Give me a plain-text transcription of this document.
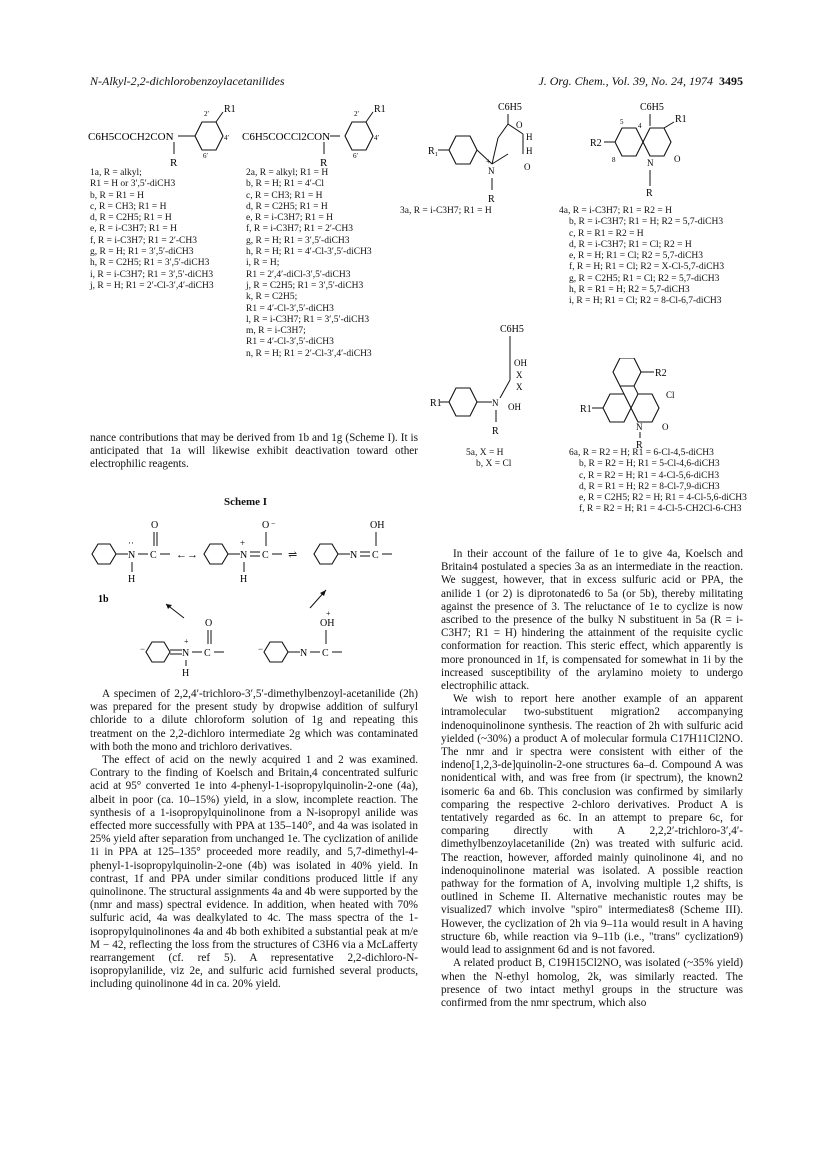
N-Alkyl-2,2-dichlorobenzoylacetanilides	J. Org. Chem., Vol. 39, No. 24, 1974 3495
C6H5COCH2CON
R1
2′
4′
6′
R
C6H5COCCl2CON
R1
2′
4′
6′
R
1a, R = alkyl;
R1 = H or 3′,5′-diCH3
b, R = R1 = H
c, R = CH3; R1 = H
d, R = C2H5; R1 = H
e, R = i-C3H7; R1 = H
f, R = i-C3H7; R1 = 2′-CH3
g, R = H; R1 = 3′,5′-diCH3
h, R = C2H5; R1 = 3′,5′-diCH3
i, R = i-C3H7; R1 = 3′,5′-diCH3
j, R = H; R1 = 2′-Cl-3′,4′-diCH3
2a, R = alkyl; R1 = H
b, R = H; R1 = 4′-Cl
c, R = CH3; R1 = H
d, R = C2H5; R1 = H
e, R = i-C3H7; R1 = H
f, R = i-C3H7; R1 = 2′-CH3
g, R = H; R1 = 3′,5′-diCH3
h, R = H; R1 = 4′-Cl-3′,5′-diCH3
i, R = H;
R1 = 2′,4′-diCl-3′,5′-diCH3
j, R = C2H5; R1 = 3′,5′-diCH3
k, R = C2H5;
R1 = 4′-Cl-3′,5′-diCH3
l, R = i-C3H7; R1 = 3′,5′-diCH3
m, R = i-C3H7;
R1 = 4′-Cl-3′,5′-diCH3
n, R = H; R1 = 2′-Cl-3′,4′-diCH3
C6H5
R₁
O
H
H
O
N
+
R
3a, R = i-C3H7; R1 = H
C6H5
R2
R1
O
N
4
5
8
R
4a, R = i-C3H7; R1 = R2 = H
b, R = i-C3H7; R1 = H; R2 = 5,7-diCH3
c, R = R1 = R2 = H
d, R = i-C3H7; R1 = Cl; R2 = H
e, R = H; R1 = Cl; R2 = 5,7-diCH3
f, R = H; R1 = Cl; R2 = X-Cl-5,7-diCH3
g, R = C2H5; R1 = Cl; R2 = 5,7-diCH3
h, R = R1 = H; R2 = 5,7-diCH3
i, R = H; R1 = Cl; R2 = 8-Cl-6,7-diCH3
C6H5
R1	N
OH
X
X
OH
R
5a, X = H
b, X = Cl
R2
R1
Cl
O
N
R
6a, R = R2 = H; R1 = 6-Cl-4,5-diCH3
b, R = R2 = H; R1 = 5-Cl-4,6-diCH3
c, R = R2 = H; R1 = 4-Cl-5,6-diCH3
d, R = R1 = H; R2 = 8-Cl-7,9-diCH3
e, R = C2H5; R2 = H; R1 = 4-Cl-5,6-diCH3
f, R = R2 = H; R1 = 4-Cl-5-CH2Cl-6-CH3

nance contributions that may be derived from 1b and 1g (Scheme I). It is anticipated that 1a will likewise exhibit deactivation toward other electrophilic reagents.

Scheme I
N
··
C
O
H
←→	N
+
C
O −
H
⇌	N C
OH
1b
−	N
+
C
O
H
−	N C
OH
+

A specimen of 2,2,4′-trichloro-3′,5′-dimethylbenzoyl-acetanilide (2h) was prepared for the present study by dropwise addition of sulfuryl chloride to a dilute chloroform solution of 1g and repeating this treatment on the 2,2-dichloro intermediate 2g which was contaminated with both the mono and trichloro derivatives.

The effect of acid on the newly acquired 1 and 2 was examined. Contrary to the finding of Koelsch and Britain,4 concentrated sulfuric acid at 95° converted 1e into 4-phenyl-1-isopropylquinolin-2-one (4a), albeit in poor (ca. 10–15%) yield, in a slow, incomplete reaction. The synthesis of a 1-isopropylquinolinone from a N-isopropyl anilide was effected more successfully with PPA at 135–140°, and 4a was isolated in 25% yield after separation from unchanged 1e. The cyclization of anilide 1i in PPA at 125–135° proceeded more readily, and 5,7-dimethyl-4-phenyl-1-isopropylquinolin-2-one (4b) was isolated in 40% yield. In contrast, 1f and PPA under similar conditions produced little if any quinolinone. The structural assignments 4a and 4b were supported by the (nmr and mass) spectral evidence. In addition, when heated with 70% sulfuric acid, 4a was dealkylated to 4c. The mass spectra of the 1-isopropylquinolinones 4a and 4b both exhibited a substantial peak at m/e M − 42, reflecting the loss from the structures of C3H6 via a McLafferty rearrangement (cf. ref 5). A representative 2,2-dichloro-N-isopropylanilide, viz 2e, and sulfuric acid furnished several products, including quinolinone 4d in ca. 20% yield.

In their account of the failure of 1e to give 4a, Koelsch and Britain4 postulated a species 3a as an intermediate in the reaction. We suggest, however, that in excess sulfuric acid or PPA, the anilide 1 (or 2) is diprotonated6 to 5a (or 5b), thereby militating against the presence of 3. The reluctance of 1e to cyclize is now ascribed to the presence of the bulky N substituent in 5a (R = i-C3H7; R1 = H) hindering the attainment of the requisite cyclic conformation for reaction. This steric effect, which apparently is more pronounced in 1f, is compensated for somewhat in 1i by the increased susceptibility of the arylamino moiety to undergo electrophilic attack.

We wish to report here another example of an apparent intramolecular two-substituent migration2 accompanying indenoquinolinone synthesis. The reaction of 2h with sulfuric acid yielded (~30%) a product A of molecular formula C17H11Cl2NO. The nmr and ir spectra were consistent with either of the indeno[1,2,3-de]quinolin-2-one structures 6a–d. Compound A was nonidentical with, and was free from (ir spectrum), the known2 isomeric 6a and 6b. This conclusion was confirmed by similarly comparing the respective 2-chloro derivatives. Product A is tentatively regarded as 6c. In an attempt to prepare 6c, for comparing directly with A 2,2,2′-trichloro-3′,4′-dimethylbenzoylacetanilide (2n) was treated with sulfuric acid. The reaction, however, afforded mainly quinolinone 4i, and no indenoquinolinone material was isolated. A possible reaction pathway for the formation of A, involving multiple 1,2 shifts, is outlined in Scheme II. Alternative mechanistic routes may be visualized7 which involve "spiro" intermediates8 (Scheme III). However, the cyclization of 2h via 9–11a would result in A having structure 6b, while reaction via 9–11b (i.e., "trans" cyclization9) would lead to assignment 6d and is not favored.

A related product B, C19H15Cl2NO, was isolated (~35% yield) when the N-ethyl homolog, 2k, was similarly reacted. The presence of two intact methyl groups in the structure was confirmed from the nmr spectrum, which also
